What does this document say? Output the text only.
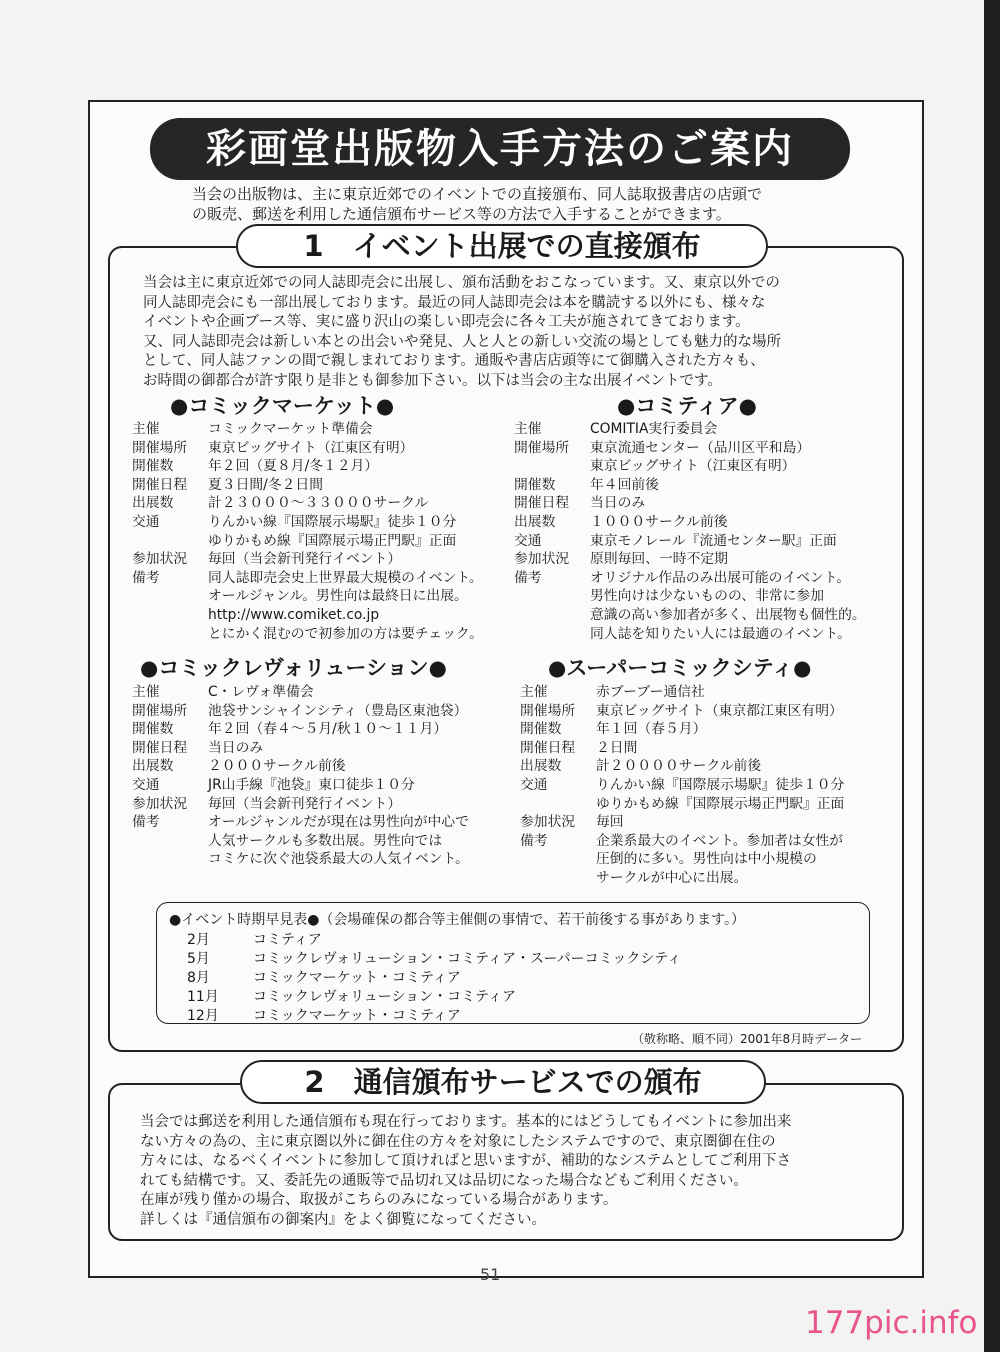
彩画堂出版物入手方法のご案内
当会の出版物は、主に東京近郊でのイベントでの直接頒布、同人誌取扱書店の店頭で
の販売、郵送を利用した通信頒布サービス等の方法で入手することができます。
1　イベント出展での直接頒布
当会は主に東京近郊での同人誌即売会に出展し、頒布活動をおこなっています。又、東京以外での
同人誌即売会にも一部出展しております。最近の同人誌即売会は本を購読する以外にも、様々な
イベントや企画ブース等、実に盛り沢山の楽しい即売会に各々工夫が施されてきております。
又、同人誌即売会は新しい本との出会いや発見、人と人との新しい交流の場としても魅力的な場所
として、同人誌ファンの間で親しまれております。通販や書店店頭等にて御購入された方々も、
お時間の御都合が許す限り是非とも御参加下さい。以下は当会の主な出展イベントです。
●コミックマーケット●
主催	コミックマーケット準備会
開催場所	東京ビッグサイト（江東区有明）
開催数	年２回（夏８月/冬１２月）
開催日程	夏３日間/冬２日間
出展数	計２３０００～３３０００サークル
交通	りんかい線『国際展示場駅』徒歩１０分
ゆりかもめ線『国際展示場正門駅』正面
参加状況	毎回（当会新刊発行イベント）
備考	同人誌即売会史上世界最大規模のイベント。
オールジャンル。男性向は最終日に出展。
http://www.comiket.co.jp
とにかく混むので初参加の方は要チェック。
●コミティア●
主催	COMITIA実行委員会
開催場所	東京流通センター（品川区平和島）
東京ビッグサイト（江東区有明）
開催数	年４回前後
開催日程	当日のみ
出展数	１０００サークル前後
交通	東京モノレール『流通センター駅』正面
参加状況	原則毎回、一時不定期
備考	オリジナル作品のみ出展可能のイベント。
男性向けは少ないものの、非常に参加
意識の高い参加者が多く、出展物も個性的。
同人誌を知りたい人には最適のイベント。
●コミックレヴォリューション●
主催	C・レヴォ準備会
開催場所	池袋サンシャインシティ（豊島区東池袋）
開催数	年２回（春４～５月/秋１０～１１月）
開催日程	当日のみ
出展数	２０００サークル前後
交通	JR山手線『池袋』東口徒歩１０分
参加状況	毎回（当会新刊発行イベント）
備考	オールジャンルだが現在は男性向が中心で
人気サークルも多数出展。男性向では
コミケに次ぐ池袋系最大の人気イベント。
●スーパーコミックシティ●
主催	赤ブーブー通信社
開催場所	東京ビッグサイト（東京都江東区有明）
開催数	年１回（春５月）
開催日程	２日間
出展数	計２００００サークル前後
交通	りんかい線『国際展示場駅』徒歩１０分
ゆりかもめ線『国際展示場正門駅』正面
参加状況	毎回
備考	企業系最大のイベント。参加者は女性が
圧倒的に多い。男性向は中小規模の
サークルが中心に出展。
●イベント時期早見表●（会場確保の都合等主催側の事情で、若干前後する事があります。）
2月	コミティア
5月	コミックレヴォリューション・コミティア・スーパーコミックシティ
8月	コミックマーケット・コミティア
11月	コミックレヴォリューション・コミティア
12月	コミックマーケット・コミティア
（敬称略、順不同）2001年8月時データー
2　通信頒布サービスでの頒布
当会では郵送を利用した通信頒布も現在行っております。基本的にはどうしてもイベントに参加出来
ない方々の為の、主に東京圏以外に御在住の方々を対象にしたシステムですので、東京圏御在住の
方々には、なるべくイベントに参加して頂ければと思いますが、補助的なシステムとしてご利用下さ
れても結構です。又、委託先の通販等で品切れ又は品切になった場合などもご利用ください。
在庫が残り僅かの場合、取扱がこちらのみになっている場合があります。
詳しくは『通信頒布の御案内』をよく御覧になってください。
51
177pic.info
